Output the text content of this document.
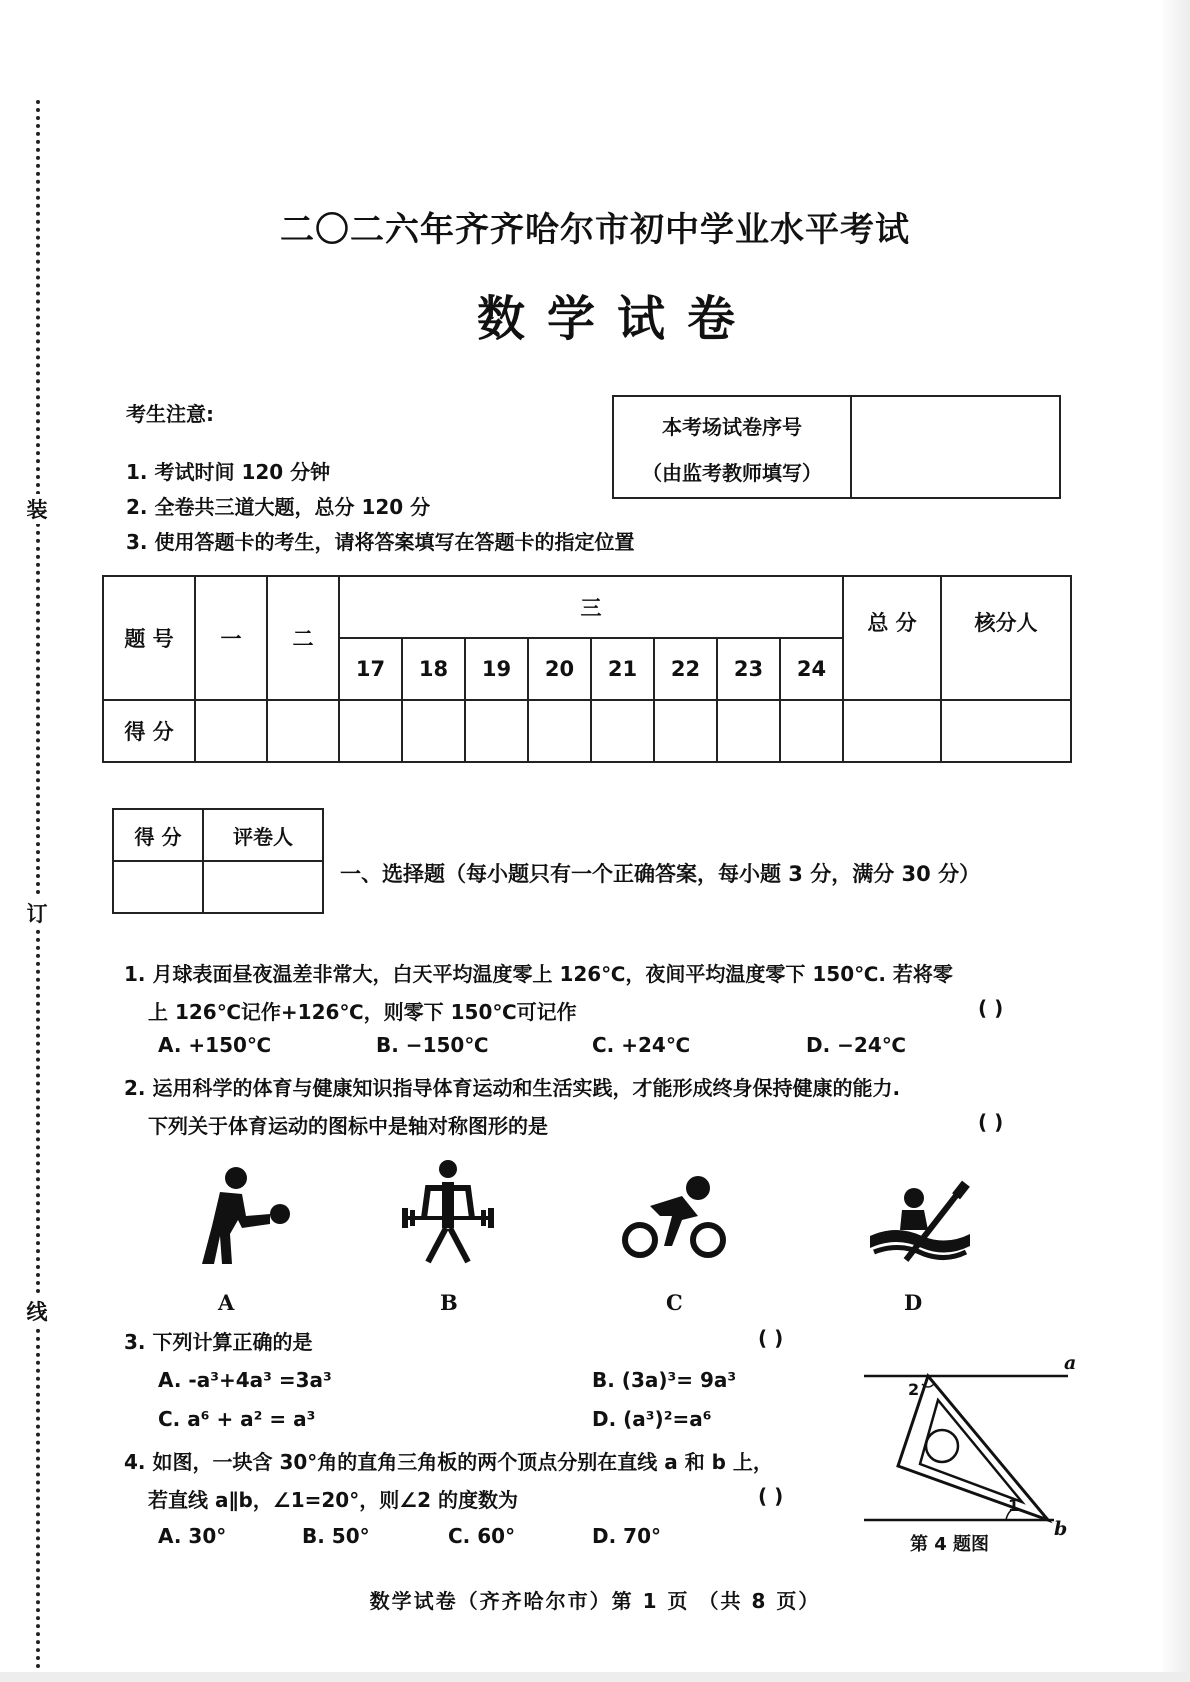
装
订
线
二〇二六年齐齐哈尔市初中学业水平考试
数学试卷
考生注意:
1. 考试时间 120 分钟
2. 全卷共三道大题，总分 120 分
3. 使用答题卡的考生，请将答案填写在答题卡的指定位置
本考场试卷序号
（由监考教师填写）
题 号	一	二	三								总 分	核分人
			17	18	19	20	21	22	23	24		
得 分												
得 分	评卷人

一、选择题（每小题只有一个正确答案，每小题 3 分，满分 30 分）
1. 月球表面昼夜温差非常大，白天平均温度零上 126℃，夜间平均温度零下 150℃. 若将零
上 126℃记作+126℃，则零下 150℃可记作	( )
A. +150℃	B. −150℃	C. +24℃	D. −24℃
2. 运用科学的体育与健康知识指导体育运动和生活实践，才能形成终身保持健康的能力.
下列关于体育运动的图标中是轴对称图形的是	( )
A	B	C	D
3. 下列计算正确的是	( )
A. -a³+4a³ =3a³	B. (3a)³= 9a³
C. a⁶ + a² = a³	D. (a³)²=a⁶
4. 如图，一块含 30°角的直角三角板的两个顶点分别在直线 a 和 b 上，
若直线 a∥b，∠1=20°，则∠2 的度数为	( )
A. 30°	B. 50°	C. 60°	D. 70°
a
b
2
1
第 4 题图
数学试卷（齐齐哈尔市）第 1 页 （共 8 页）
